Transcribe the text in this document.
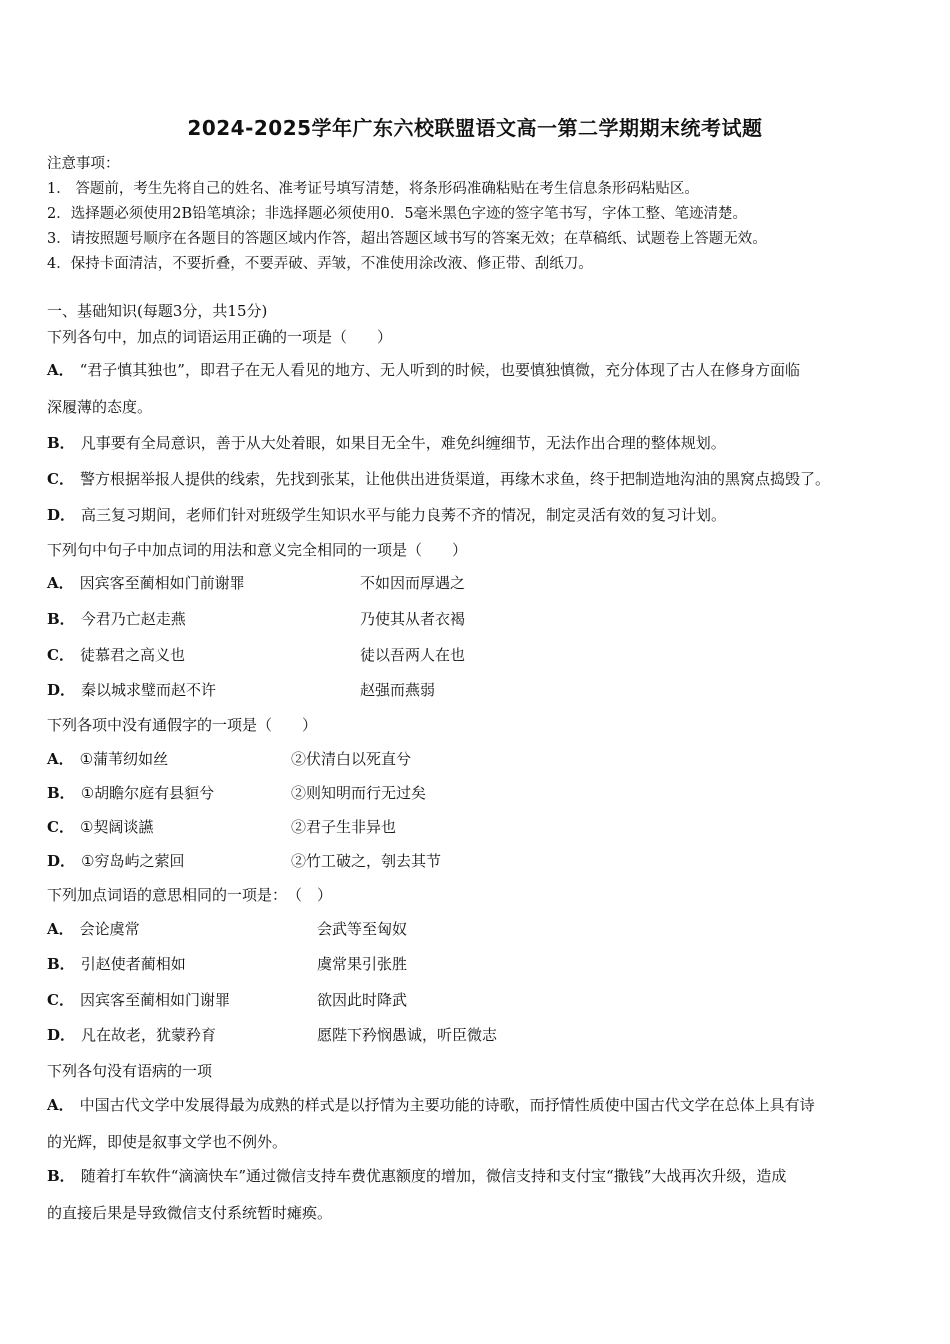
2024-2025学年广东六校联盟语文高一第二学期期末统考试题
注意事项：
1． 答题前，考生先将自己的姓名、准考证号填写清楚，将条形码准确粘贴在考生信息条形码粘贴区。
2．选择题必须使用2B铅笔填涂；非选择题必须使用0．5毫米黑色字迹的签字笔书写，字体工整、笔迹清楚。
3．请按照题号顺序在各题目的答题区域内作答，超出答题区域书写的答案无效；在草稿纸、试题卷上答题无效。
4．保持卡面清洁，不要折叠，不要弄破、弄皱，不准使用涂改液、修正带、刮纸刀。
一、基础知识(每题3分，共15分)
下列各句中，加点的词语运用正确的一项是（　　）
A． “君子慎其独也”，即君子在无人看见的地方、无人听到的时候，也要慎独慎微，充分体现了古人在修身方面临
深履薄的态度。
B． 凡事要有全局意识，善于从大处着眼，如果目无全牛，难免纠缠细节，无法作出合理的整体规划。
C． 警方根据举报人提供的线索，先找到张某，让他供出进货渠道，再缘木求鱼，终于把制造地沟油的黑窝点捣毁了。
D． 高三复习期间，老师们针对班级学生知识水平与能力良莠不齐的情况，制定灵活有效的复习计划。
下列句中句子中加点词的用法和意义完全相同的一项是（　　）
A． 因宾客至蔺相如门前谢罪	不如因而厚遇之
B． 今君乃亡赵走燕	乃使其从者衣褐
C． 徒慕君之高义也	徒以吾两人在也
D． 秦以城求璧而赵不许	赵强而燕弱
下列各项中没有通假字的一项是（　　）
A． ①蒲苇纫如丝	②伏清白以死直兮
B． ①胡瞻尔庭有县貆兮	②则知明而行无过矣
C． ①契阔谈讌	②君子生非异也
D． ①穷岛屿之萦回	②竹工破之，刳去其节
下列加点词语的意思相同的一项是：　（　）
A． 会论虞常	会武等至匈奴
B． 引赵使者蔺相如	虞常果引张胜
C． 因宾客至蔺相如门谢罪	欲因此时降武
D． 凡在故老，犹蒙矜育	愿陛下矜悯愚诚，听臣微志
下列各句没有语病的一项
A． 中国古代文学中发展得最为成熟的样式是以抒情为主要功能的诗歌，而抒情性质使中国古代文学在总体上具有诗
的光辉，即使是叙事文学也不例外。
B． 随着打车软件“滴滴快车”通过微信支持车费优惠额度的增加，微信支持和支付宝“撒钱”大战再次升级，造成
的直接后果是导致微信支付系统暂时瘫痪。
